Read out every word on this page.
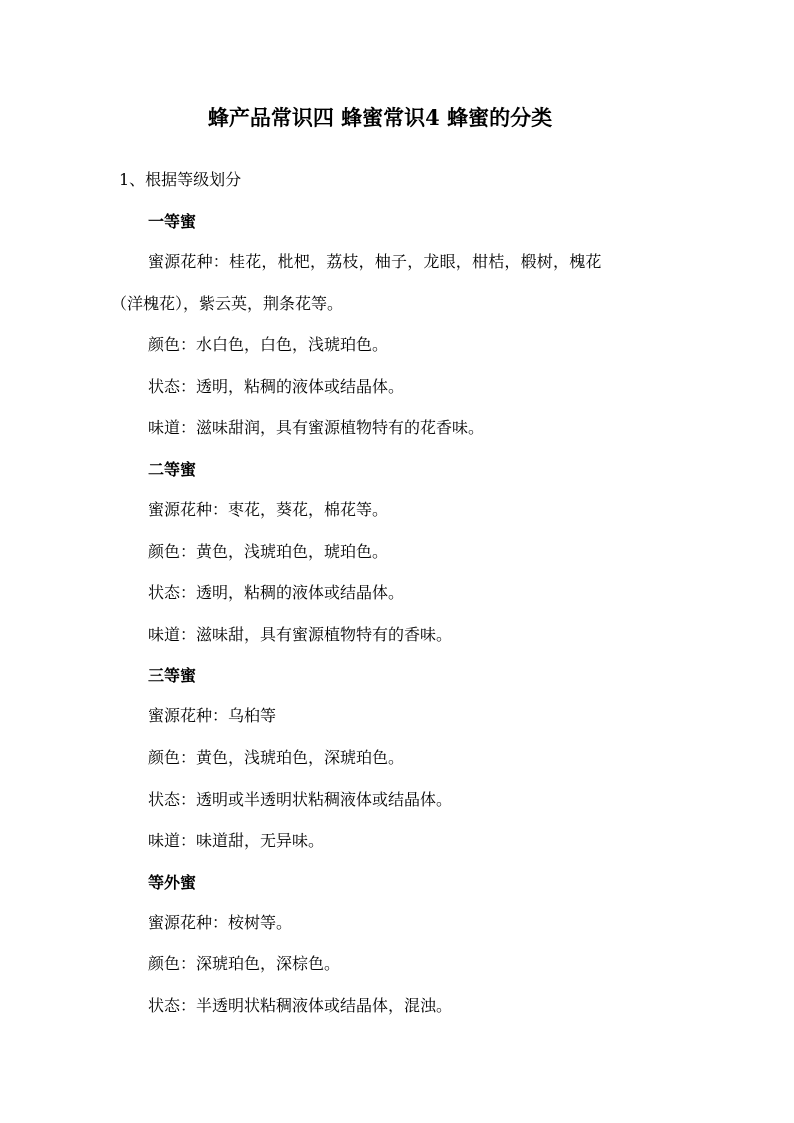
蜂产品常识四 蜂蜜常识4 蜂蜜的分类
1、根据等级划分
一等蜜
蜜源花种：桂花，枇杷，荔枝，柚子，龙眼，柑桔，椴树，槐花
（洋槐花），紫云英，荆条花等。
颜色：水白色，白色，浅琥珀色。
状态：透明，粘稠的液体或结晶体。
味道：滋味甜润，具有蜜源植物特有的花香味。
二等蜜
蜜源花种：枣花，葵花，棉花等。
颜色：黄色，浅琥珀色，琥珀色。
状态：透明，粘稠的液体或结晶体。
味道：滋味甜，具有蜜源植物特有的香味。
三等蜜
蜜源花种：乌桕等
颜色：黄色，浅琥珀色，深琥珀色。
状态：透明或半透明状粘稠液体或结晶体。
味道：味道甜，无异味。
等外蜜
蜜源花种：桉树等。
颜色：深琥珀色，深棕色。
状态：半透明状粘稠液体或结晶体，混浊。
